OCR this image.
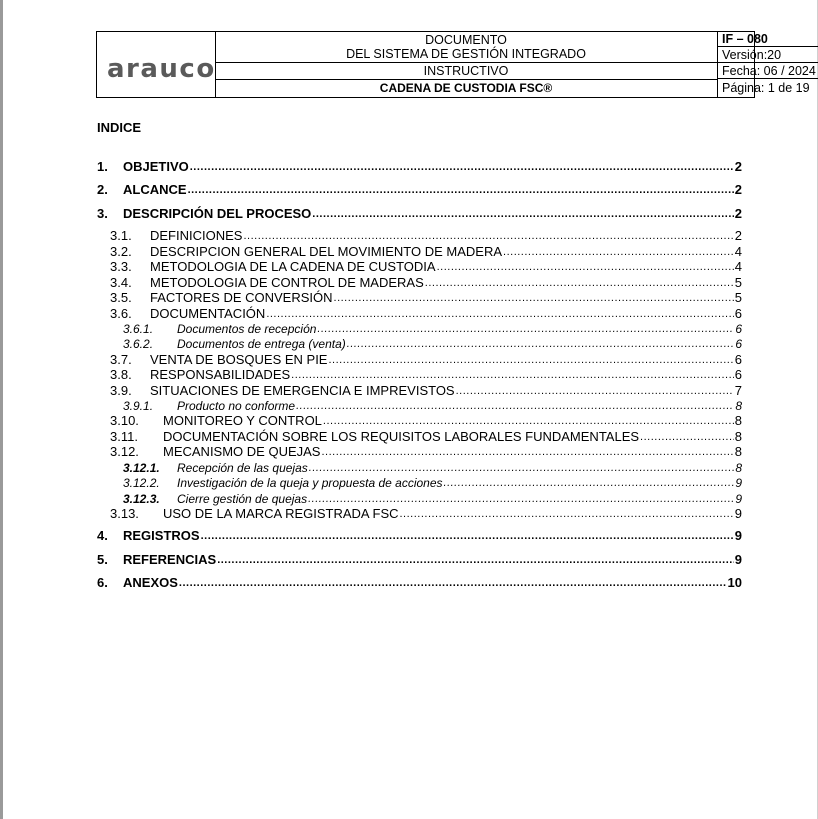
arauco
DOCUMENTO
DEL SISTEMA DE GESTIÓN INTEGRADO
INSTRUCTIVO
CADENA DE CUSTODIA FSC®
IF – 080
Versión:20
Fecha: 06 / 2024
Página: 1 de 19
INDICE
1. OBJETIVO .....	2
2. ALCANCE .....	2
3. DESCRIPCIÓN DEL PROCESO .....	2
3.1. DEFINICIONES .....	2
3.2. DESCRIPCION GENERAL DEL MOVIMIENTO DE MADERA .....	4
3.3. METODOLOGIA DE LA CADENA DE CUSTODIA .....	4
3.4. METODOLOGIA DE CONTROL DE MADERAS .....	5
3.5. FACTORES DE CONVERSIÓN .....	5
3.6. DOCUMENTACIÓN .....	6
3.6.1. Documentos de recepción .....	6
3.6.2. Documentos de entrega (venta) .....	6
3.7. VENTA DE BOSQUES EN PIE .....	6
3.8. RESPONSABILIDADES .....	6
3.9. SITUACIONES DE EMERGENCIA E IMPREVISTOS .....	7
3.9.1. Producto no conforme .....	8
3.10. MONITOREO Y CONTROL .....	8
3.11. DOCUMENTACIÓN SOBRE LOS REQUISITOS LABORALES FUNDAMENTALES .....	8
3.12. MECANISMO DE QUEJAS .....	8
3.12.1. Recepción de las quejas .....	8
3.12.2. Investigación de la queja y propuesta de acciones .....	9
3.12.3. Cierre gestión de quejas .....	9
3.13. USO DE LA MARCA REGISTRADA FSC .....	9
4. REGISTROS .....	9
5. REFERENCIAS .....	9
6. ANEXOS .....	10
